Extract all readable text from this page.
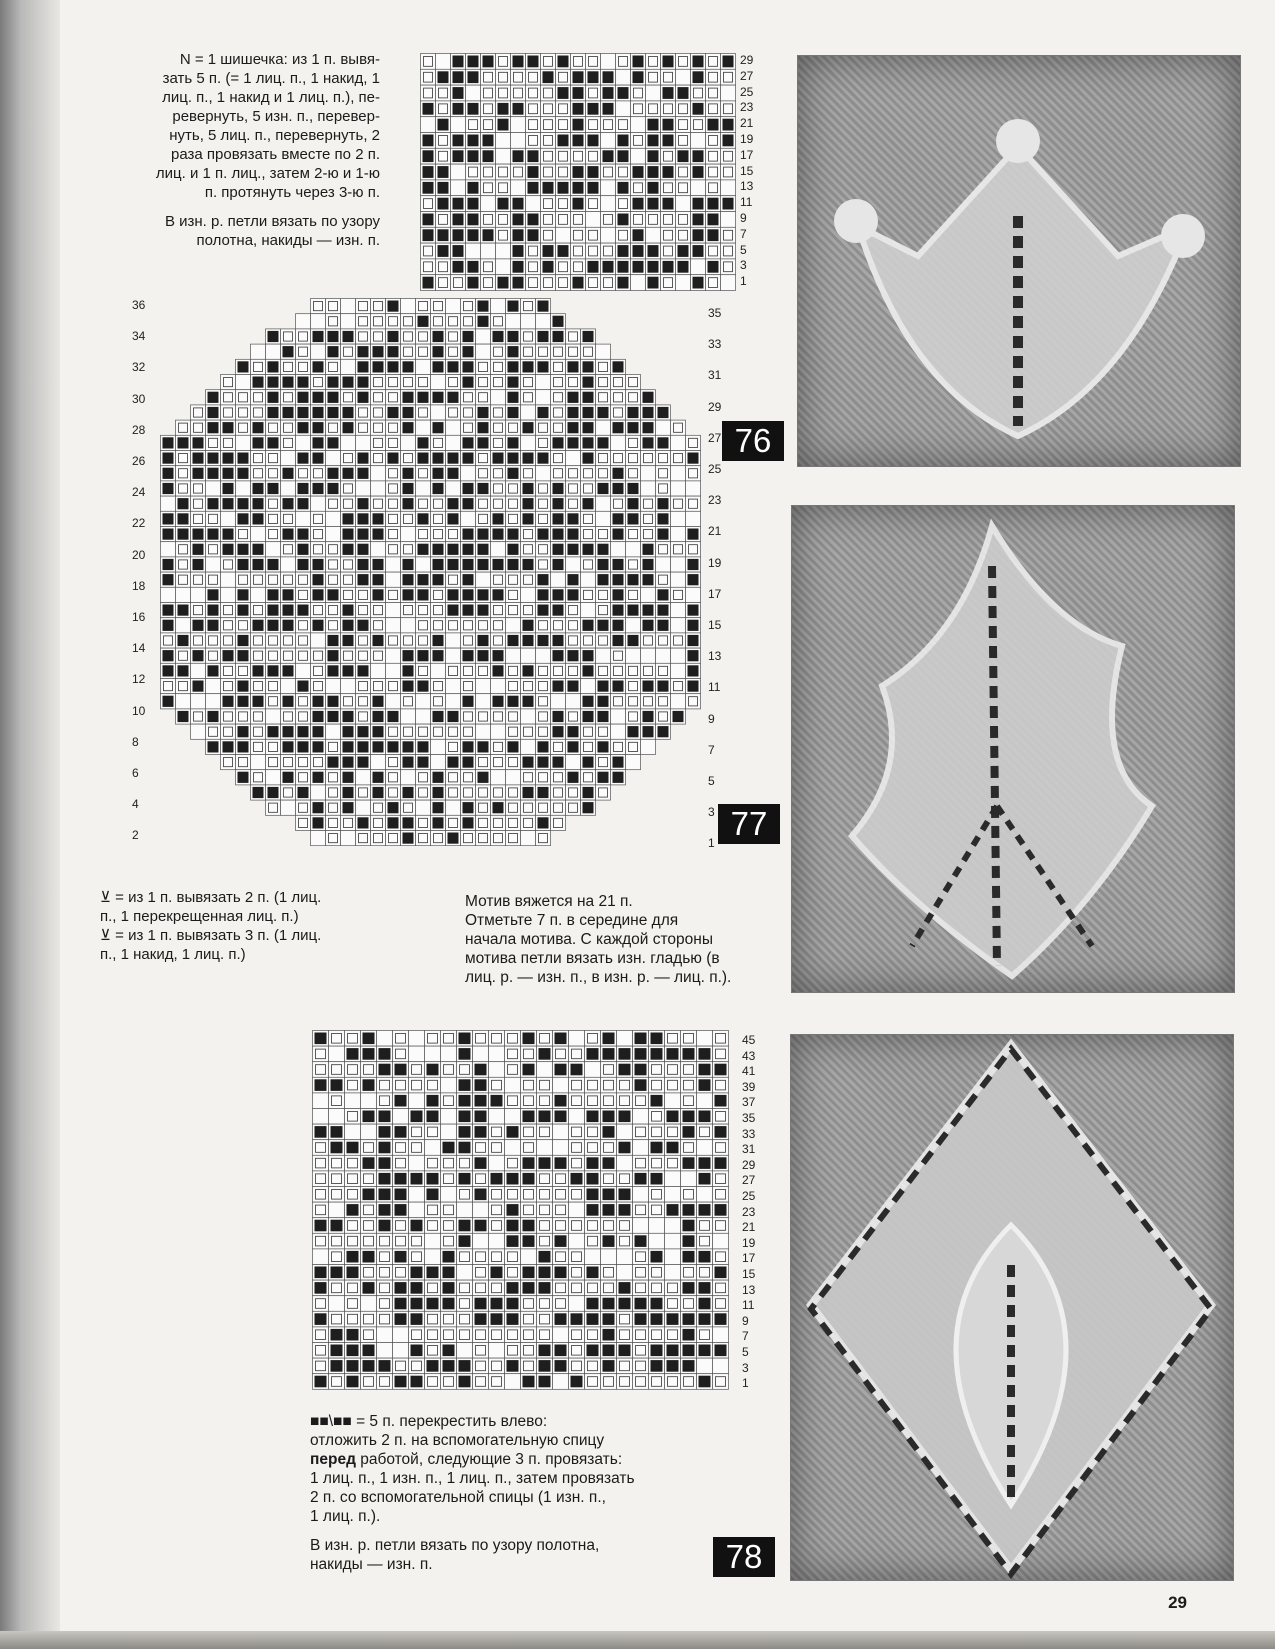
N = 1 шишечка: из 1 п. вывя-
зать 5 п. (= 1 лиц. п., 1 накид, 1
лиц. п., 1 накид и 1 лиц. п.), пе-
ревернуть, 5 изн. п., перевер-
нуть, 5 лиц. п., перевернуть, 2
раза провязать вместе по 2 п.
лиц. и 1 п. лиц., затем 2-ю и 1-ю
п. протянуть через 3-ю п.

В изн. р. петли вязать по узору
полотна, накиды — изн. п.

29
27
25
23
21
19
17
15
13
11
9
7
5
3
1
35
33
31
29
27
25
23
21
19
17
15
13
11
9
7
5
3
1
36
34
32
30
28
26
24
22
20
18
16
14
12
10
8
6
4
2
45
43
41
39
37
35
33
31
29
27
25
23
21
19
17
15
13
11
9
7
5
3
1
⊻ = из 1 п. вывязать 2 п. (1 лиц.
п., 1 перекрещенная лиц. п.)
⊻ = из 1 п. вывязать 3 п. (1 лиц.
п., 1 накид, 1 лиц. п.)
Мотив вяжется на 21 п.
Отметьте 7 п. в середине для
начала мотива. С каждой стороны
мотива петли вязать изн. гладью (в
лиц. р. — изн. п., в изн. р. — лиц. п.).

■■\■■ = 5 п. перекрестить влево:
отложить 2 п. на вспомогательную спицу
перед работой, следующие 3 п. провязать:
1 лиц. п., 1 изн. п., 1 лиц. п., затем провязать
2 п. со вспомогательной спицы (1 изн. п.,
1 лиц. п.).

В изн. р. петли вязать по узору полотна,
накиды — изн. п.

76
77
78
29
